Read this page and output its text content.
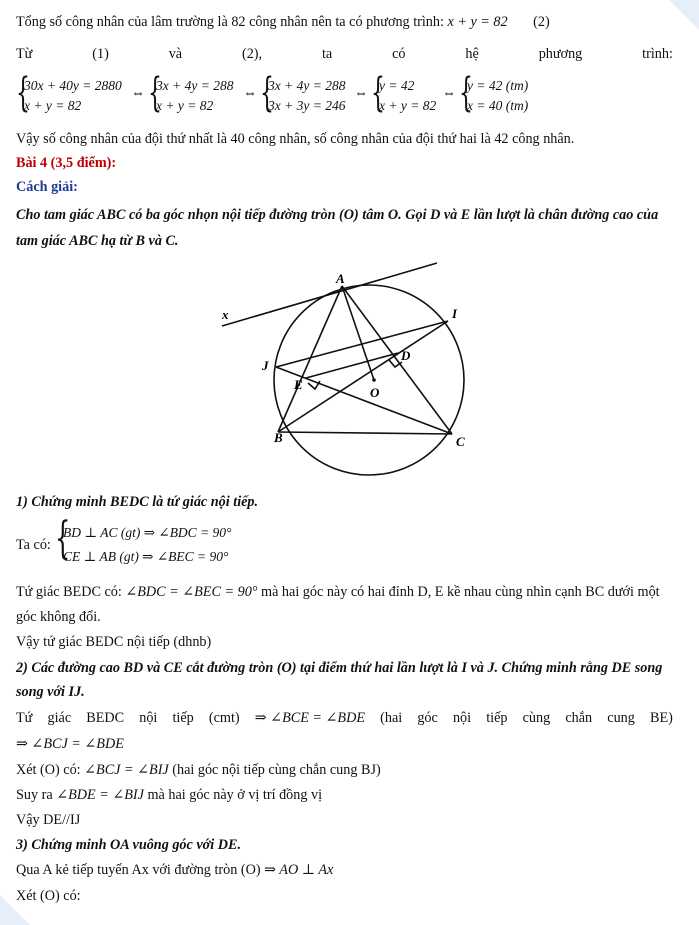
Tổng số công nhân của lâm trường là 82 công nhân nên ta có phương trình: x + y = 82 (2)
Từ	(1)	và	(2),	ta	có	hệ	phương	trình:
{
30x + 40y = 2880
x + y = 82
⇔ {
3x + 4y = 288
x + y = 82
⇔ {
3x + 4y = 288
3x + 3y = 246
⇔ {
y = 42
x + y = 82
⇔ {
y = 42 (tm)
x = 40 (tm)
Vậy số công nhân của đội thứ nhất là 40 công nhân, số công nhân của đội thứ hai là 42 công nhân.
Bài 4 (3,5 điểm):
Cách giải:
Cho tam giác ABC có ba góc nhọn nội tiếp đường tròn (O) tâm O. Gọi D và E lần lượt là chân đường cao của
tam giác ABC hạ từ B và C.
A
x	I
J
D
E
O
B	C
1) Chứng minh BEDC là tứ giác nội tiếp.
Ta có: {
BD ⊥ AC (gt) ⇒ ∠BDC = 90°
CE ⊥ AB (gt) ⇒ ∠BEC = 90°
Tứ giác BEDC có: ∠BDC = ∠BEC = 90° mà hai góc này có hai đỉnh D, E kề nhau cùng nhìn cạnh BC dưới một
góc không đổi.
Vậy tứ giác BEDC nội tiếp (dhnb)
2) Các đường cao BD và CE cắt đường tròn (O) tại điểm thứ hai lần lượt là I và J. Chứng minh rằng DE song
song với IJ.
Tứ giác BEDC nội tiếp (cmt) ⇒ ∠BCE = ∠BDE (hai góc nội tiếp cùng chắn cung BE)
⇒ ∠BCJ = ∠BDE
Xét (O) có: ∠BCJ = ∠BIJ (hai góc nội tiếp cùng chắn cung BJ)
Suy ra ∠BDE = ∠BIJ mà hai góc này ở vị trí đồng vị
Vậy DE//IJ
3) Chứng minh OA vuông góc với DE.
Qua A kẻ tiếp tuyến Ax với đường tròn (O) ⇒ AO ⊥ Ax
Xét (O) có:
